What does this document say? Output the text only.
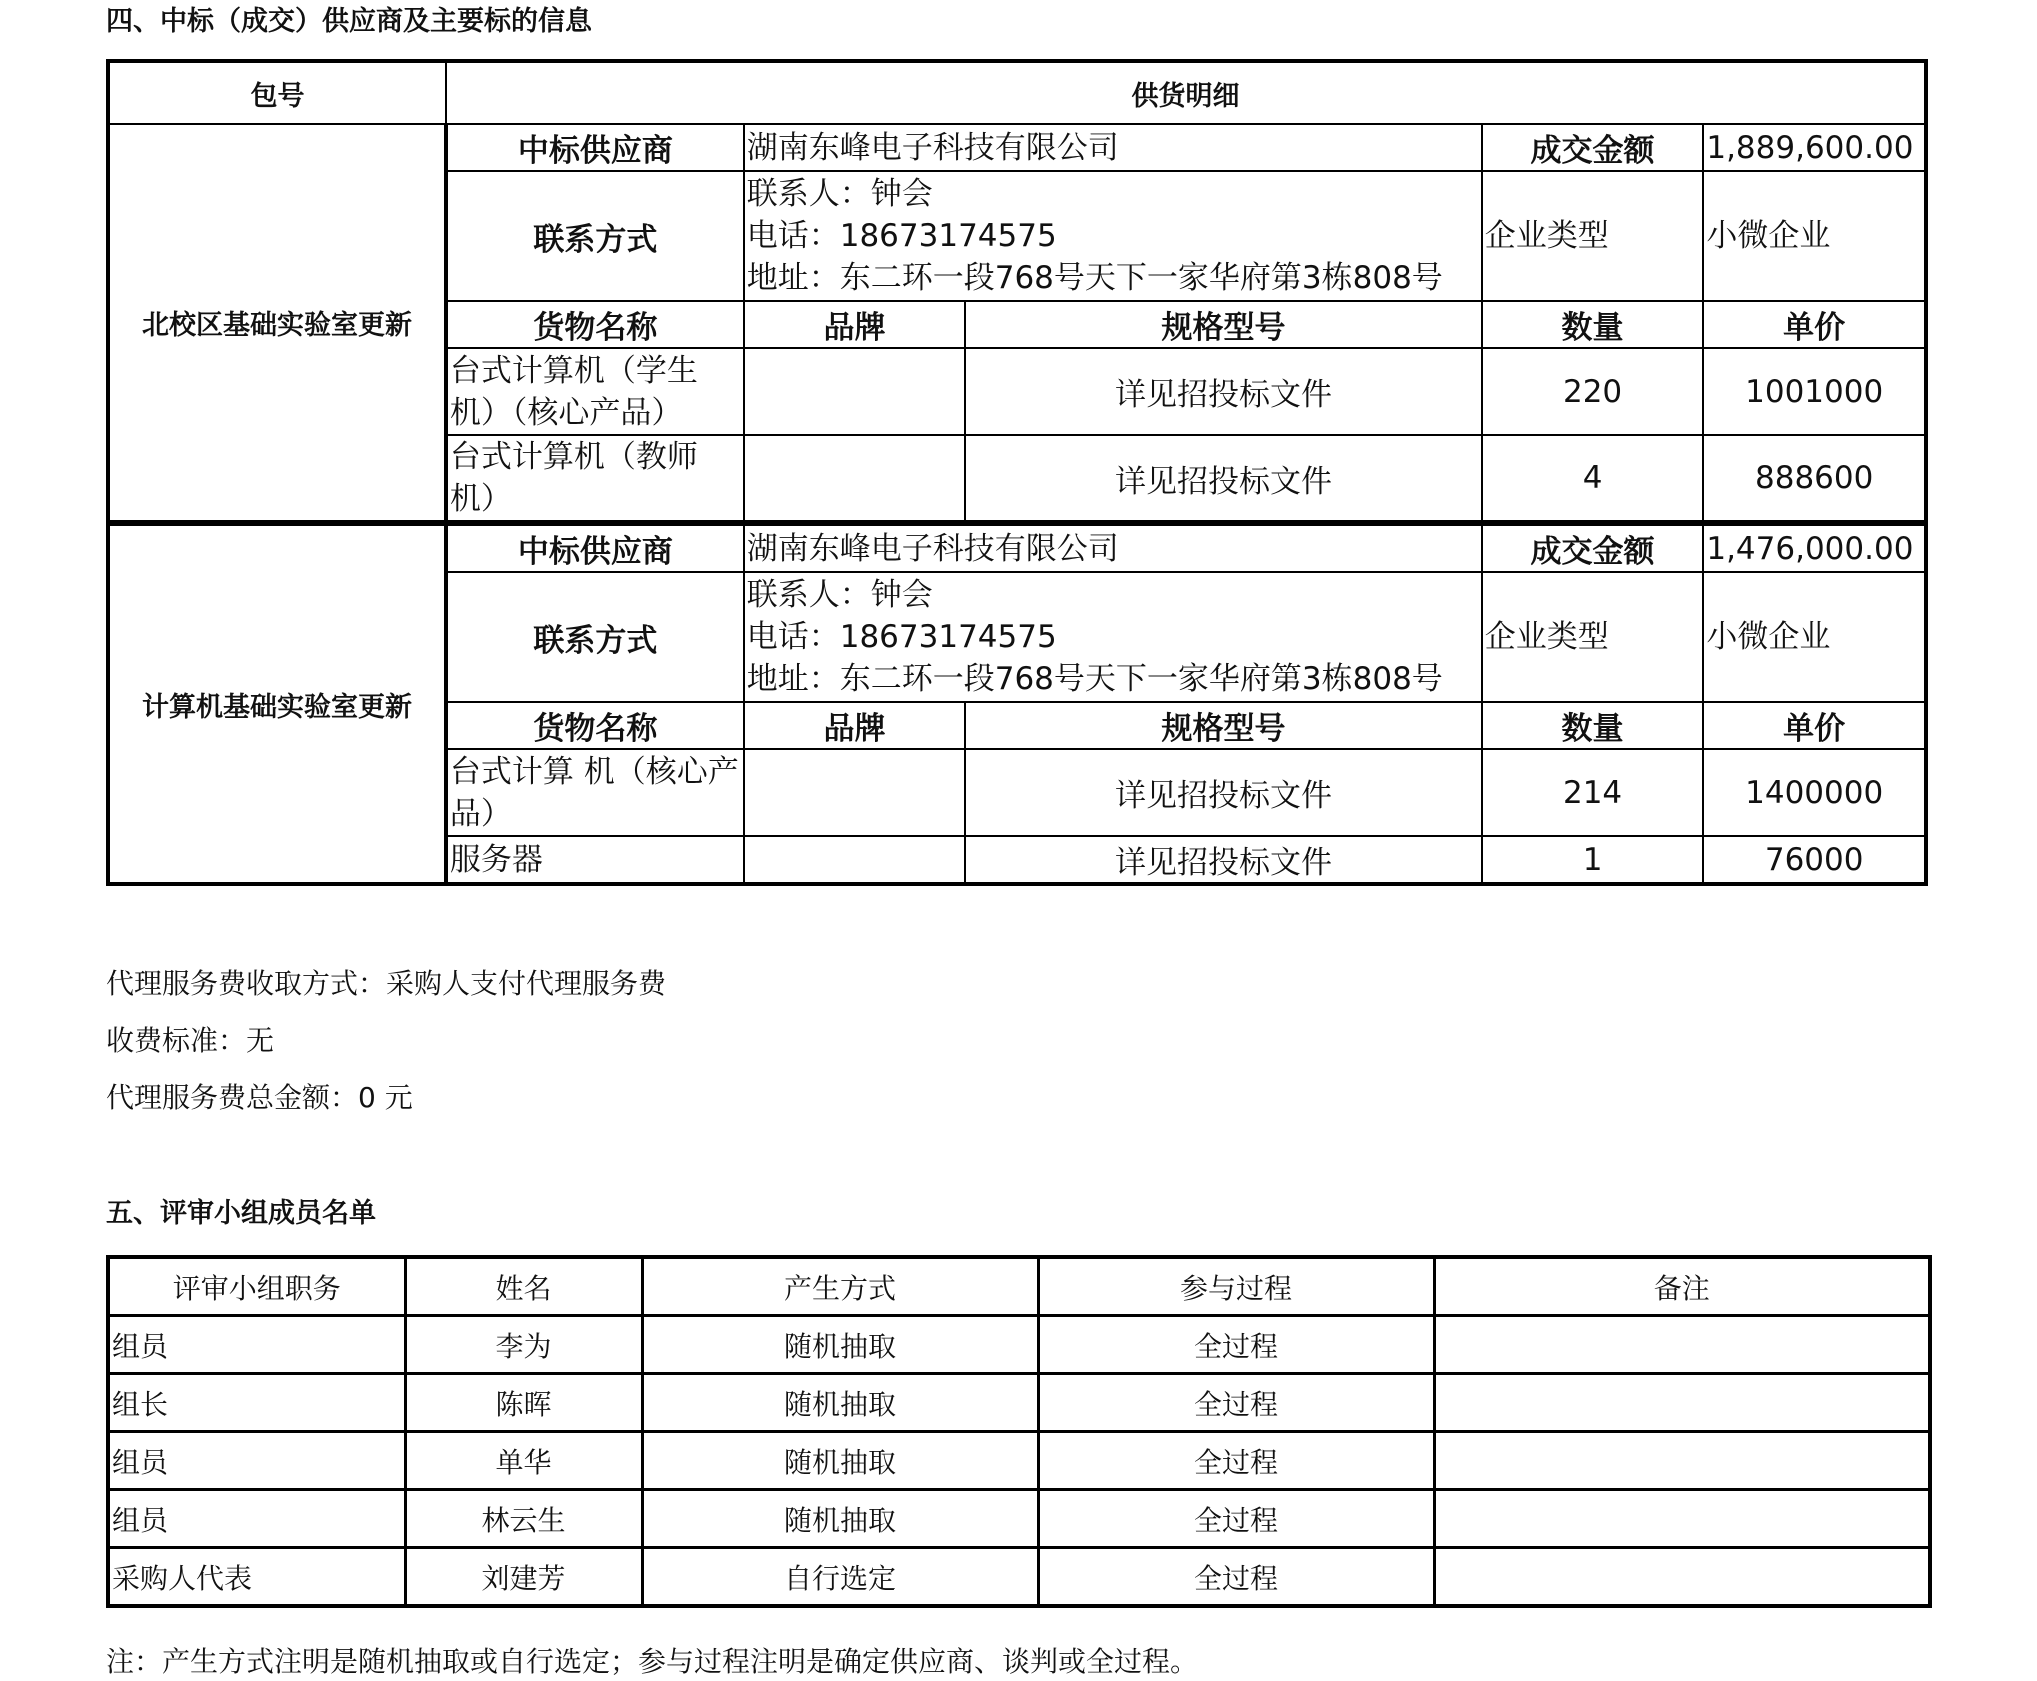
四、中标（成交）供应商及主要标的信息
包号	供货明细				
北校区基础实验室更新	中标供应商	湖南东峰电子科技有限公司		成交金额	1,889,600.00
	联系方式	联系人：钟会
电话：18673174575
地址：东二环一段768号天下一家华府第3栋808号		企业类型	小微企业
	货物名称	品牌	规格型号	数量	单价
	台式计算机（学生机）（核心产品）		详见招投标文件	220	1001000
	台式计算机（教师机）		详见招投标文件	4	888600
计算机基础实验室更新	中标供应商	湖南东峰电子科技有限公司		成交金额	1,476,000.00
	联系方式	联系人：钟会
电话：18673174575
地址：东二环一段768号天下一家华府第3栋808号		企业类型	小微企业
	货物名称	品牌	规格型号	数量	单价
	台式计算 机（核心产品）		详见招投标文件	214	1400000
	服务器		详见招投标文件	1	76000

代理服务费收取方式：采购人支付代理服务费

收费标准：无

代理服务费总金额：0 元

五、评审小组成员名单
评审小组职务	姓名	产生方式	参与过程	备注
组员	李为	随机抽取	全过程	
组长	陈晖	随机抽取	全过程	
组员	单华	随机抽取	全过程	
组员	林云生	随机抽取	全过程	
采购人代表	刘建芳	自行选定	全过程	

注：产生方式注明是随机抽取或自行选定；参与过程注明是确定供应商、谈判或全过程。
